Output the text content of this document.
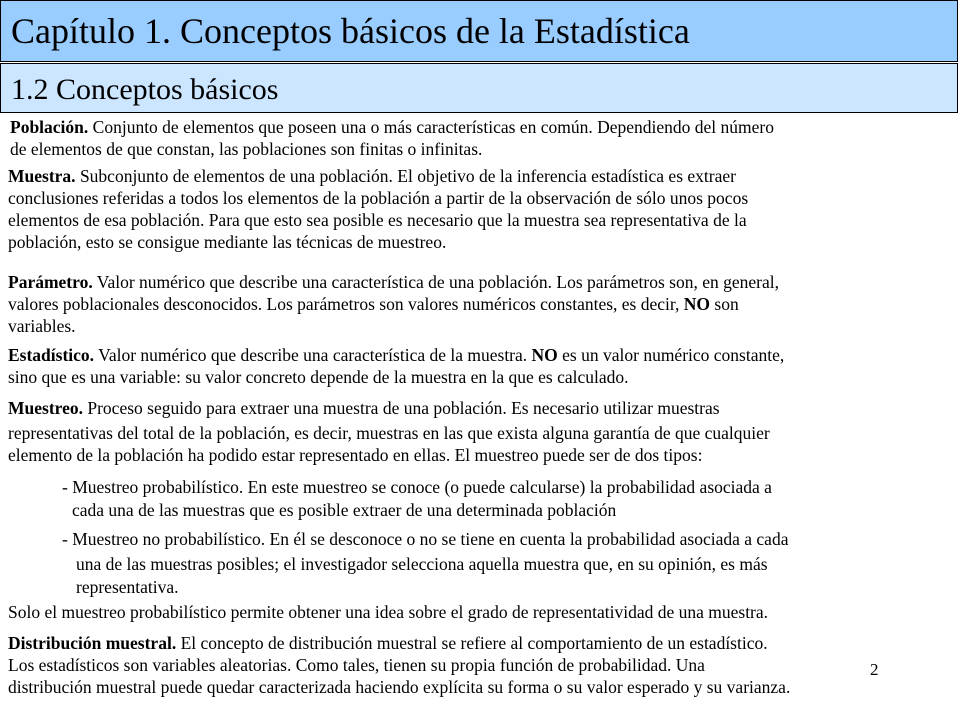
Capítulo 1. Conceptos básicos de la Estadística
1.2 Conceptos básicos
Población. Conjunto de elementos que poseen una o más características en común. Dependiendo del número
de elementos de que constan, las poblaciones son finitas o infinitas.
Muestra. Subconjunto de elementos de una población. El objetivo de la inferencia estadística es extraer
conclusiones referidas a todos los elementos de la población a partir de la observación de sólo unos pocos
elementos de esa población. Para que esto sea posible es necesario que la muestra sea representativa de la
población, esto se consigue mediante las técnicas de muestreo.
Parámetro. Valor numérico que describe una característica de una población. Los parámetros son, en general,
valores poblacionales desconocidos. Los parámetros son valores numéricos constantes, es decir, NO son
variables.
Estadístico. Valor numérico que describe una característica de la muestra. NO es un valor numérico constante,
sino que es una variable: su valor concreto depende de la muestra en la que es calculado.
Muestreo. Proceso seguido para extraer una muestra de una población. Es necesario utilizar muestras
representativas del total de la población, es decir, muestras en las que exista alguna garantía de que cualquier
elemento de la población ha podido estar representado en ellas. El muestreo puede ser de dos tipos:
- Muestreo probabilístico. En este muestreo se conoce (o puede calcularse) la probabilidad asociada a
cada una de las muestras que es posible extraer de una determinada población
- Muestreo no probabilístico. En él se desconoce o no se tiene en cuenta la probabilidad asociada a cada
una de las muestras posibles; el investigador selecciona aquella muestra que, en su opinión, es más
representativa.
Solo el muestreo probabilístico permite obtener una idea sobre el grado de representatividad de una muestra.
Distribución muestral. El concepto de distribución muestral se refiere al comportamiento de un estadístico.
Los estadísticos son variables aleatorias. Como tales, tienen su propia función de probabilidad. Una
distribución muestral puede quedar caracterizada haciendo explícita su forma o su valor esperado y su varianza.
2
